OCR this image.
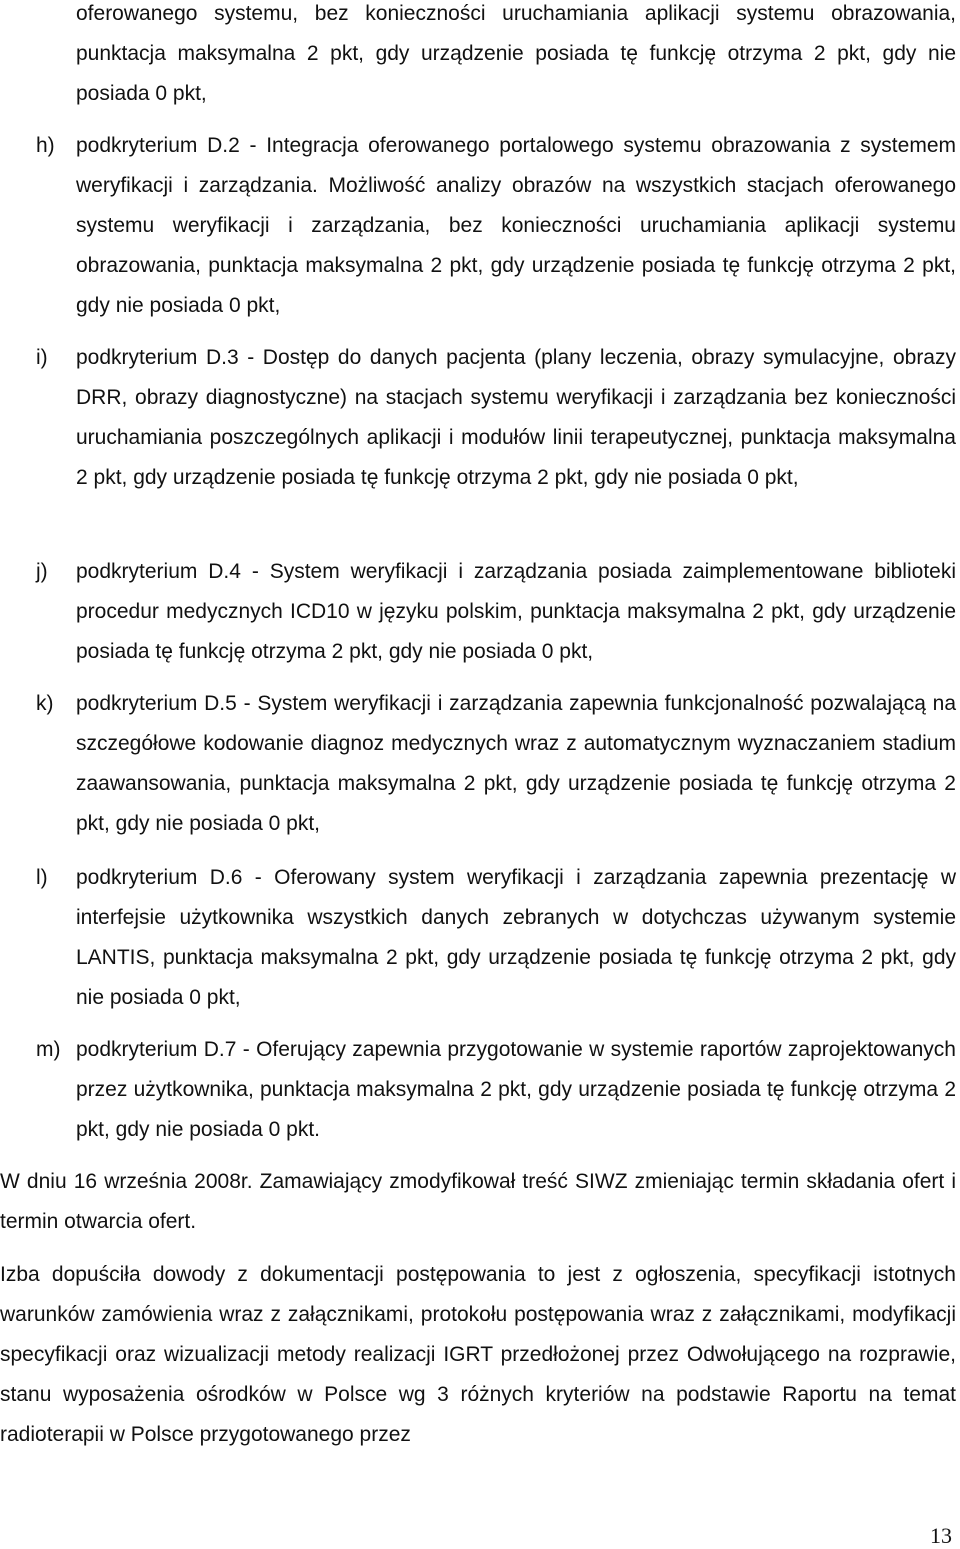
oferowanego systemu, bez konieczności uruchamiania aplikacji systemu obrazowania, punktacja maksymalna 2 pkt, gdy urządzenie posiada tę funkcję otrzyma 2 pkt, gdy nie posiada 0 pkt,
h) podkryterium D.2 - Integracja oferowanego portalowego systemu obrazowania z systemem weryfikacji i zarządzania. Możliwość analizy obrazów na wszystkich stacjach oferowanego systemu weryfikacji i zarządzania, bez konieczności uruchamiania aplikacji systemu obrazowania, punktacja maksymalna 2 pkt, gdy urządzenie posiada tę funkcję otrzyma 2 pkt, gdy nie posiada 0 pkt,
i) podkryterium D.3 - Dostęp do danych pacjenta (plany leczenia, obrazy symulacyjne, obrazy DRR, obrazy diagnostyczne) na stacjach systemu weryfikacji i zarządzania bez konieczności uruchamiania poszczególnych aplikacji i modułów linii terapeutycznej, punktacja maksymalna 2 pkt, gdy urządzenie posiada tę funkcję otrzyma 2 pkt, gdy nie posiada 0 pkt,
j) podkryterium D.4 - System weryfikacji i zarządzania posiada zaimplementowane biblioteki procedur medycznych ICD10 w języku polskim, punktacja maksymalna 2 pkt, gdy urządzenie posiada tę funkcję otrzyma 2 pkt, gdy nie posiada 0 pkt,
k) podkryterium D.5 - System weryfikacji i zarządzania zapewnia funkcjonalność pozwalającą na szczegółowe kodowanie diagnoz medycznych wraz z automatycznym wyznaczaniem stadium zaawansowania, punktacja maksymalna 2 pkt, gdy urządzenie posiada tę funkcję otrzyma 2 pkt, gdy nie posiada 0 pkt,
l) podkryterium D.6 - Oferowany system weryfikacji i zarządzania zapewnia prezentację w interfejsie użytkownika wszystkich danych zebranych w dotychczas używanym systemie LANTIS, punktacja maksymalna 2 pkt, gdy urządzenie posiada tę funkcję otrzyma 2 pkt, gdy nie posiada 0 pkt,
m) podkryterium D.7 - Oferujący zapewnia przygotowanie w systemie raportów zaprojektowanych przez użytkownika, punktacja maksymalna 2 pkt, gdy urządzenie posiada tę funkcję otrzyma 2 pkt, gdy nie posiada 0 pkt.
W dniu 16 września 2008r. Zamawiający zmodyfikował treść SIWZ zmieniając termin składania ofert i termin otwarcia ofert.
Izba dopuściła dowody z dokumentacji postępowania to jest z ogłoszenia, specyfikacji istotnych warunków zamówienia wraz z załącznikami, protokołu postępowania wraz z załącznikami, modyfikacji specyfikacji oraz wizualizacji metody realizacji IGRT przedłożonej przez Odwołującego na rozprawie, stanu wyposażenia ośrodków w Polsce wg 3 różnych kryteriów na podstawie Raportu na temat radioterapii w Polsce przygotowanego przez
13
